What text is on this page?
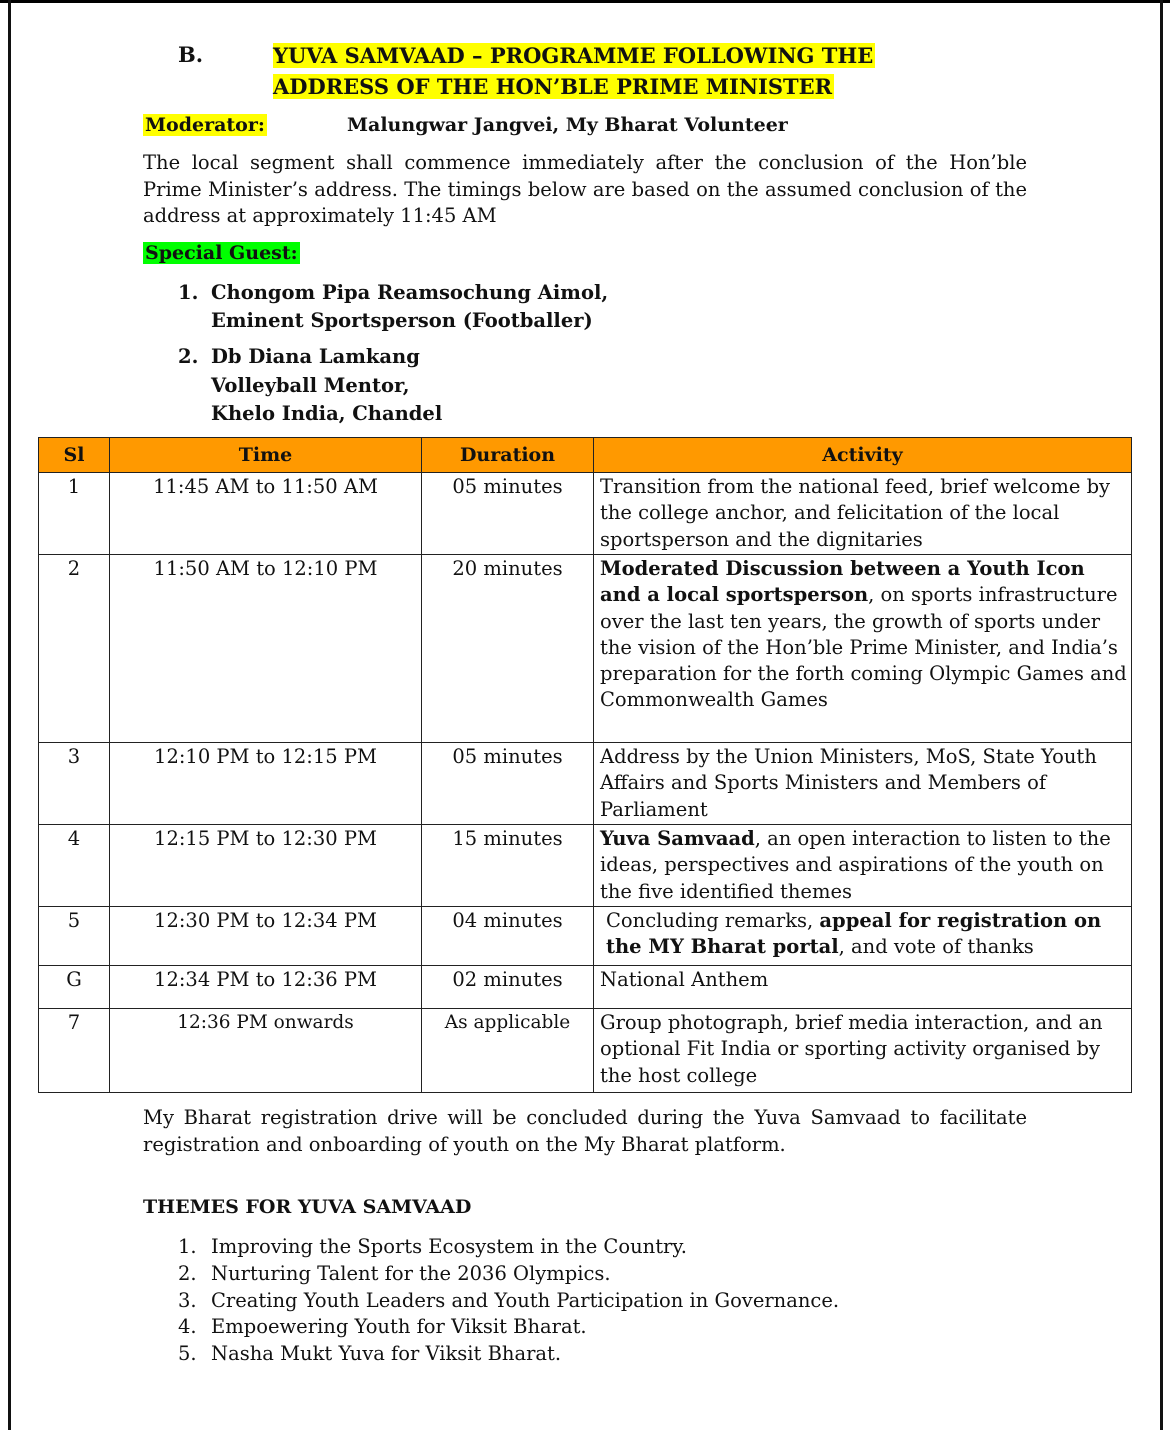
B.	YUVA SAMVAAD – PROGRAMME FOLLOWING THE
ADDRESS OF THE HON’BLE PRIME MINISTER
Moderator:	Malungwar Jangvei, My Bharat Volunteer

The local segment shall commence immediately after the conclusion of the Hon’ble Prime Minister’s address. The timings below are based on the assumed conclusion of the address at approximately 11:45 AM

Special Guest:
1. Chongom Pipa Reamsochung Aimol,
Eminent Sportsperson (Footballer)
2. Db Diana Lamkang
Volleyball Mentor,
Khelo India, Chandel
Sl	Time	Duration	Activity
1	11:45 AM to 11:50 AM	05 minutes	Transition from the national feed, brief welcome by the college anchor, and felicitation of the local sportsperson and the dignitaries
2	11:50 AM to 12:10 PM	20 minutes	Moderated Discussion between a Youth Icon and a local sportsperson, on sports infrastructure over the last ten years, the growth of sports under the vision of the Hon’ble Prime Minister, and India’s preparation for the forth coming Olympic Games and Commonwealth Games
3	12:10 PM to 12:15 PM	05 minutes	Address by the Union Ministers, MoS, State Youth Affairs and Sports Ministers and Members of Parliament
4	12:15 PM to 12:30 PM	15 minutes	Yuva Samvaad, an open interaction to listen to the ideas, perspectives and aspirations of the youth on the five identified themes
5	12:30 PM to 12:34 PM	04 minutes	Concluding remarks, appeal for registration on the MY Bharat portal, and vote of thanks
G	12:34 PM to 12:36 PM	02 minutes	National Anthem
7	12:36 PM onwards	As applicable	Group photograph, brief media interaction, and an optional Fit India or sporting activity organised by the host college
My Bharat registration drive will be concluded during the Yuva Samvaad to facilitate registration and onboarding of youth on the My Bharat platform.
THEMES FOR YUVA SAMVAAD
1. Improving the Sports Ecosystem in the Country.
2. Nurturing Talent for the 2036 Olympics.
3. Creating Youth Leaders and Youth Participation in Governance.
4. Empoewering Youth for Viksit Bharat.
5. Nasha Mukt Yuva for Viksit Bharat.
